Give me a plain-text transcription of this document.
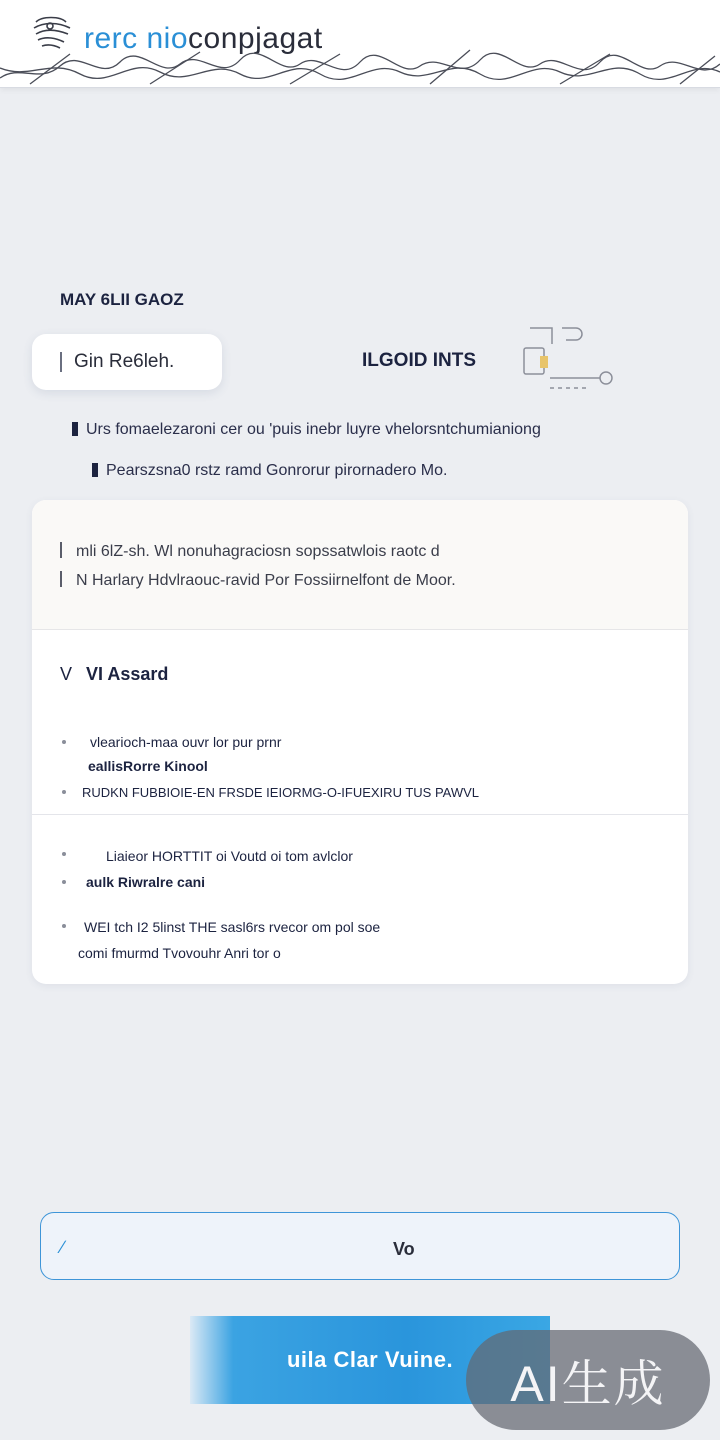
rerc nioconpjagat
MAY 6LII GAOZ
Gin Re6leh.	ILGOID INTS
Urs fomaelezaroni cer ou 'puis inebr luyre vhelorsntchumianiong
Pearszsna0 rstz ramd Gonrorur pirornadero Mo.
mli 6lZ-sh. Wl nonuhagraciosn sopssatwlois raotc d
N Harlary Hdvlraouc-ravid Por Fossiirnelfont de Moor.
V VI Assard
vlearioch-maa ouvr lor pur prnr
eaIlisRorre Kinool
RUDKN FUBBIOIE-EN FRSDE IEIORMG-O-IFUEXIRU TUS PAWVL
Liaieor HORTTIT oi Voutd oi tom avlclor
aulk Riwralre cani
WEI tch I2 5linst THE sasl6rs rvecor om pol soe
comi fmurmd Tvovouhr Anri tor o
∕	Vo
uila Clar Vuine.	AI生成
